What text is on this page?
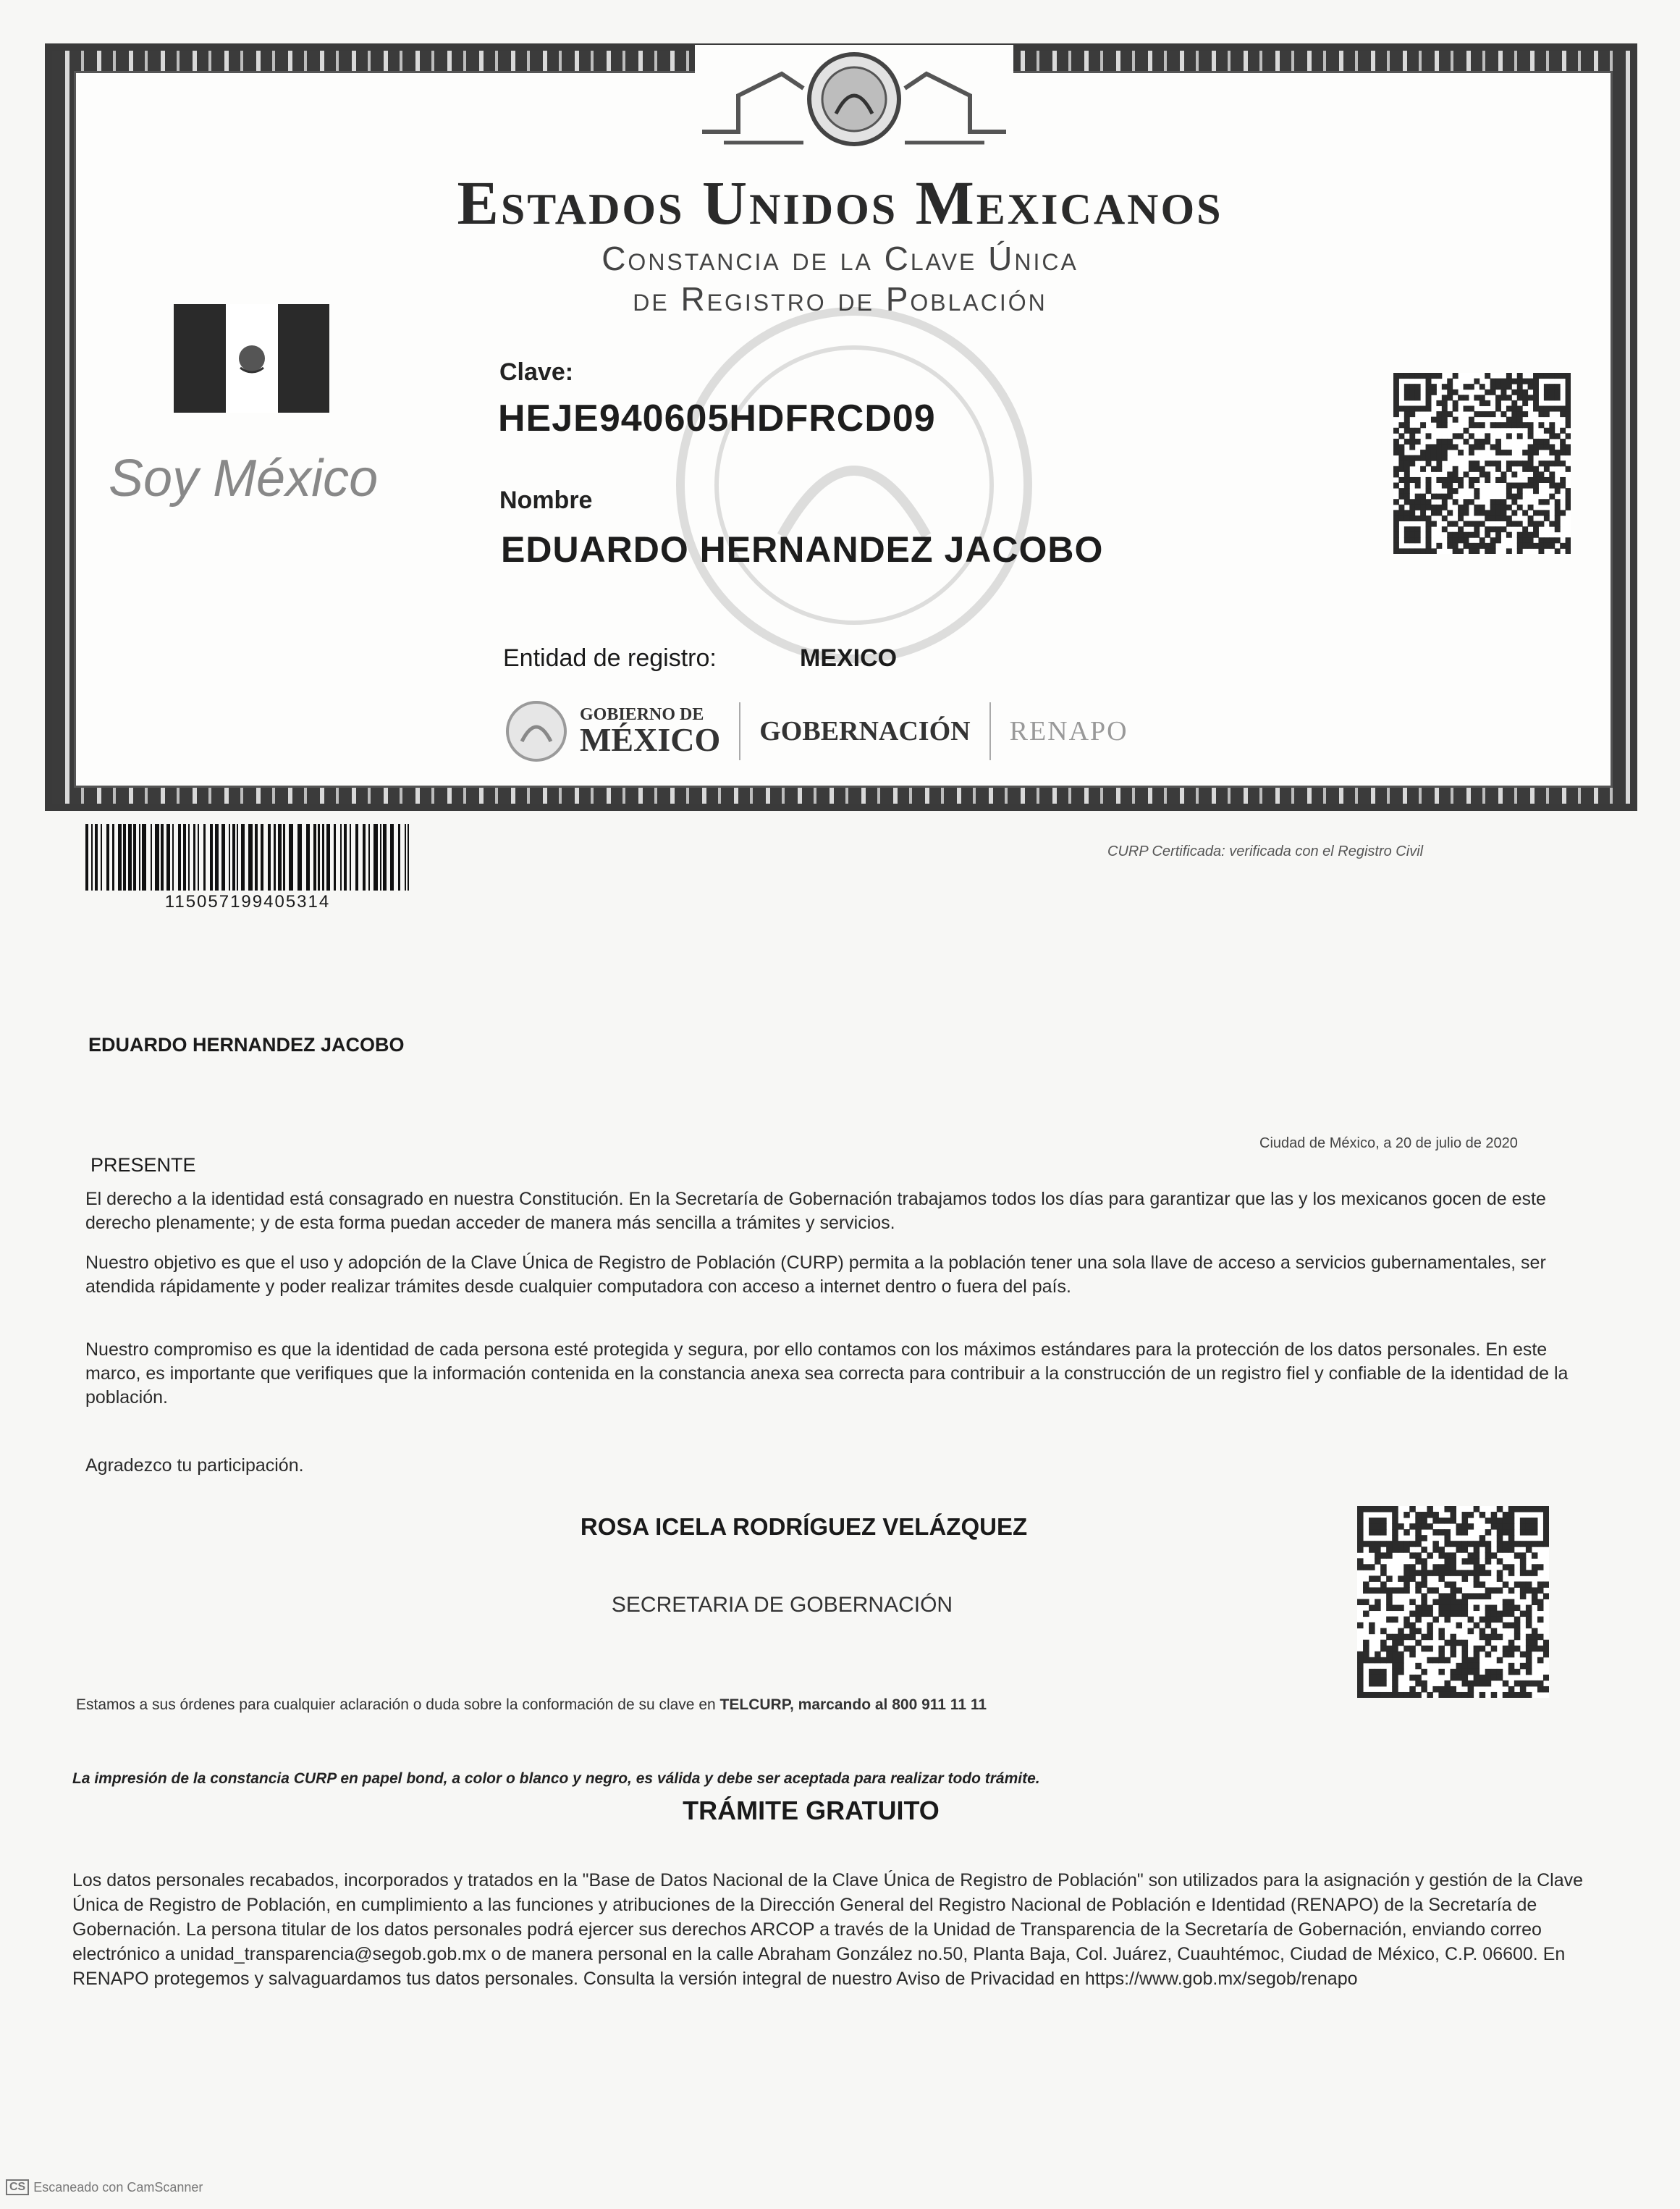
Estados Unidos Mexicanos
Constancia de la Clave Única
de Registro de Población
Soy México
Clave:
HEJE940605HDFRCD09
Nombre
EDUARDO HERNANDEZ JACOBO
Entidad de registro:	MEXICO
GOBIERNO DE
MÉXICO GOBERNACIÓN RENAPO
115057199405314
CURP Certificada: verificada con el Registro Civil
EDUARDO HERNANDEZ JACOBO
Ciudad de México, a 20 de julio de 2020
PRESENTE
El derecho a la identidad está consagrado en nuestra Constitución. En la Secretaría de Gobernación trabajamos todos los días para garantizar que las y los mexicanos gocen de este derecho plenamente; y de esta forma puedan acceder de manera más sencilla a trámites y servicios.
Nuestro objetivo es que el uso y adopción de la Clave Única de Registro de Población (CURP) permita a la población tener una sola llave de acceso a servicios gubernamentales, ser atendida rápidamente y poder realizar trámites desde cualquier computadora con acceso a internet dentro o fuera del país.
Nuestro compromiso es que la identidad de cada persona esté protegida y segura, por ello contamos con los máximos estándares para la protección de los datos personales. En este marco, es importante que verifiques que la información contenida en la constancia anexa sea correcta para contribuir a la construcción de un registro fiel y confiable de la identidad de la población.
Agradezco tu participación.
ROSA ICELA RODRÍGUEZ VELÁZQUEZ
SECRETARIA DE GOBERNACIÓN
Estamos a sus órdenes para cualquier aclaración o duda sobre la conformación de su clave en TELCURP, marcando al 800 911 11 11
La impresión de la constancia CURP en papel bond, a color o blanco y negro, es válida y debe ser aceptada para realizar todo trámite.
TRÁMITE GRATUITO
Los datos personales recabados, incorporados y tratados en la "Base de Datos Nacional de la Clave Única de Registro de Población" son utilizados para la asignación y gestión de la Clave Única de Registro de Población, en cumplimiento a las funciones y atribuciones de la Dirección General del Registro Nacional de Población e Identidad (RENAPO) de la Secretaría de Gobernación. La persona titular de los datos personales podrá ejercer sus derechos ARCOP a través de la Unidad de Transparencia de la Secretaría de Gobernación, enviando correo electrónico a unidad_transparencia@segob.gob.mx o de manera personal en la calle Abraham González no.50, Planta Baja, Col. Juárez, Cuauhtémoc, Ciudad de México, C.P. 06600. En RENAPO protegemos y salvaguardamos tus datos personales. Consulta la versión integral de nuestro Aviso de Privacidad en https://www.gob.mx/segob/renapo
CS Escaneado con CamScanner
